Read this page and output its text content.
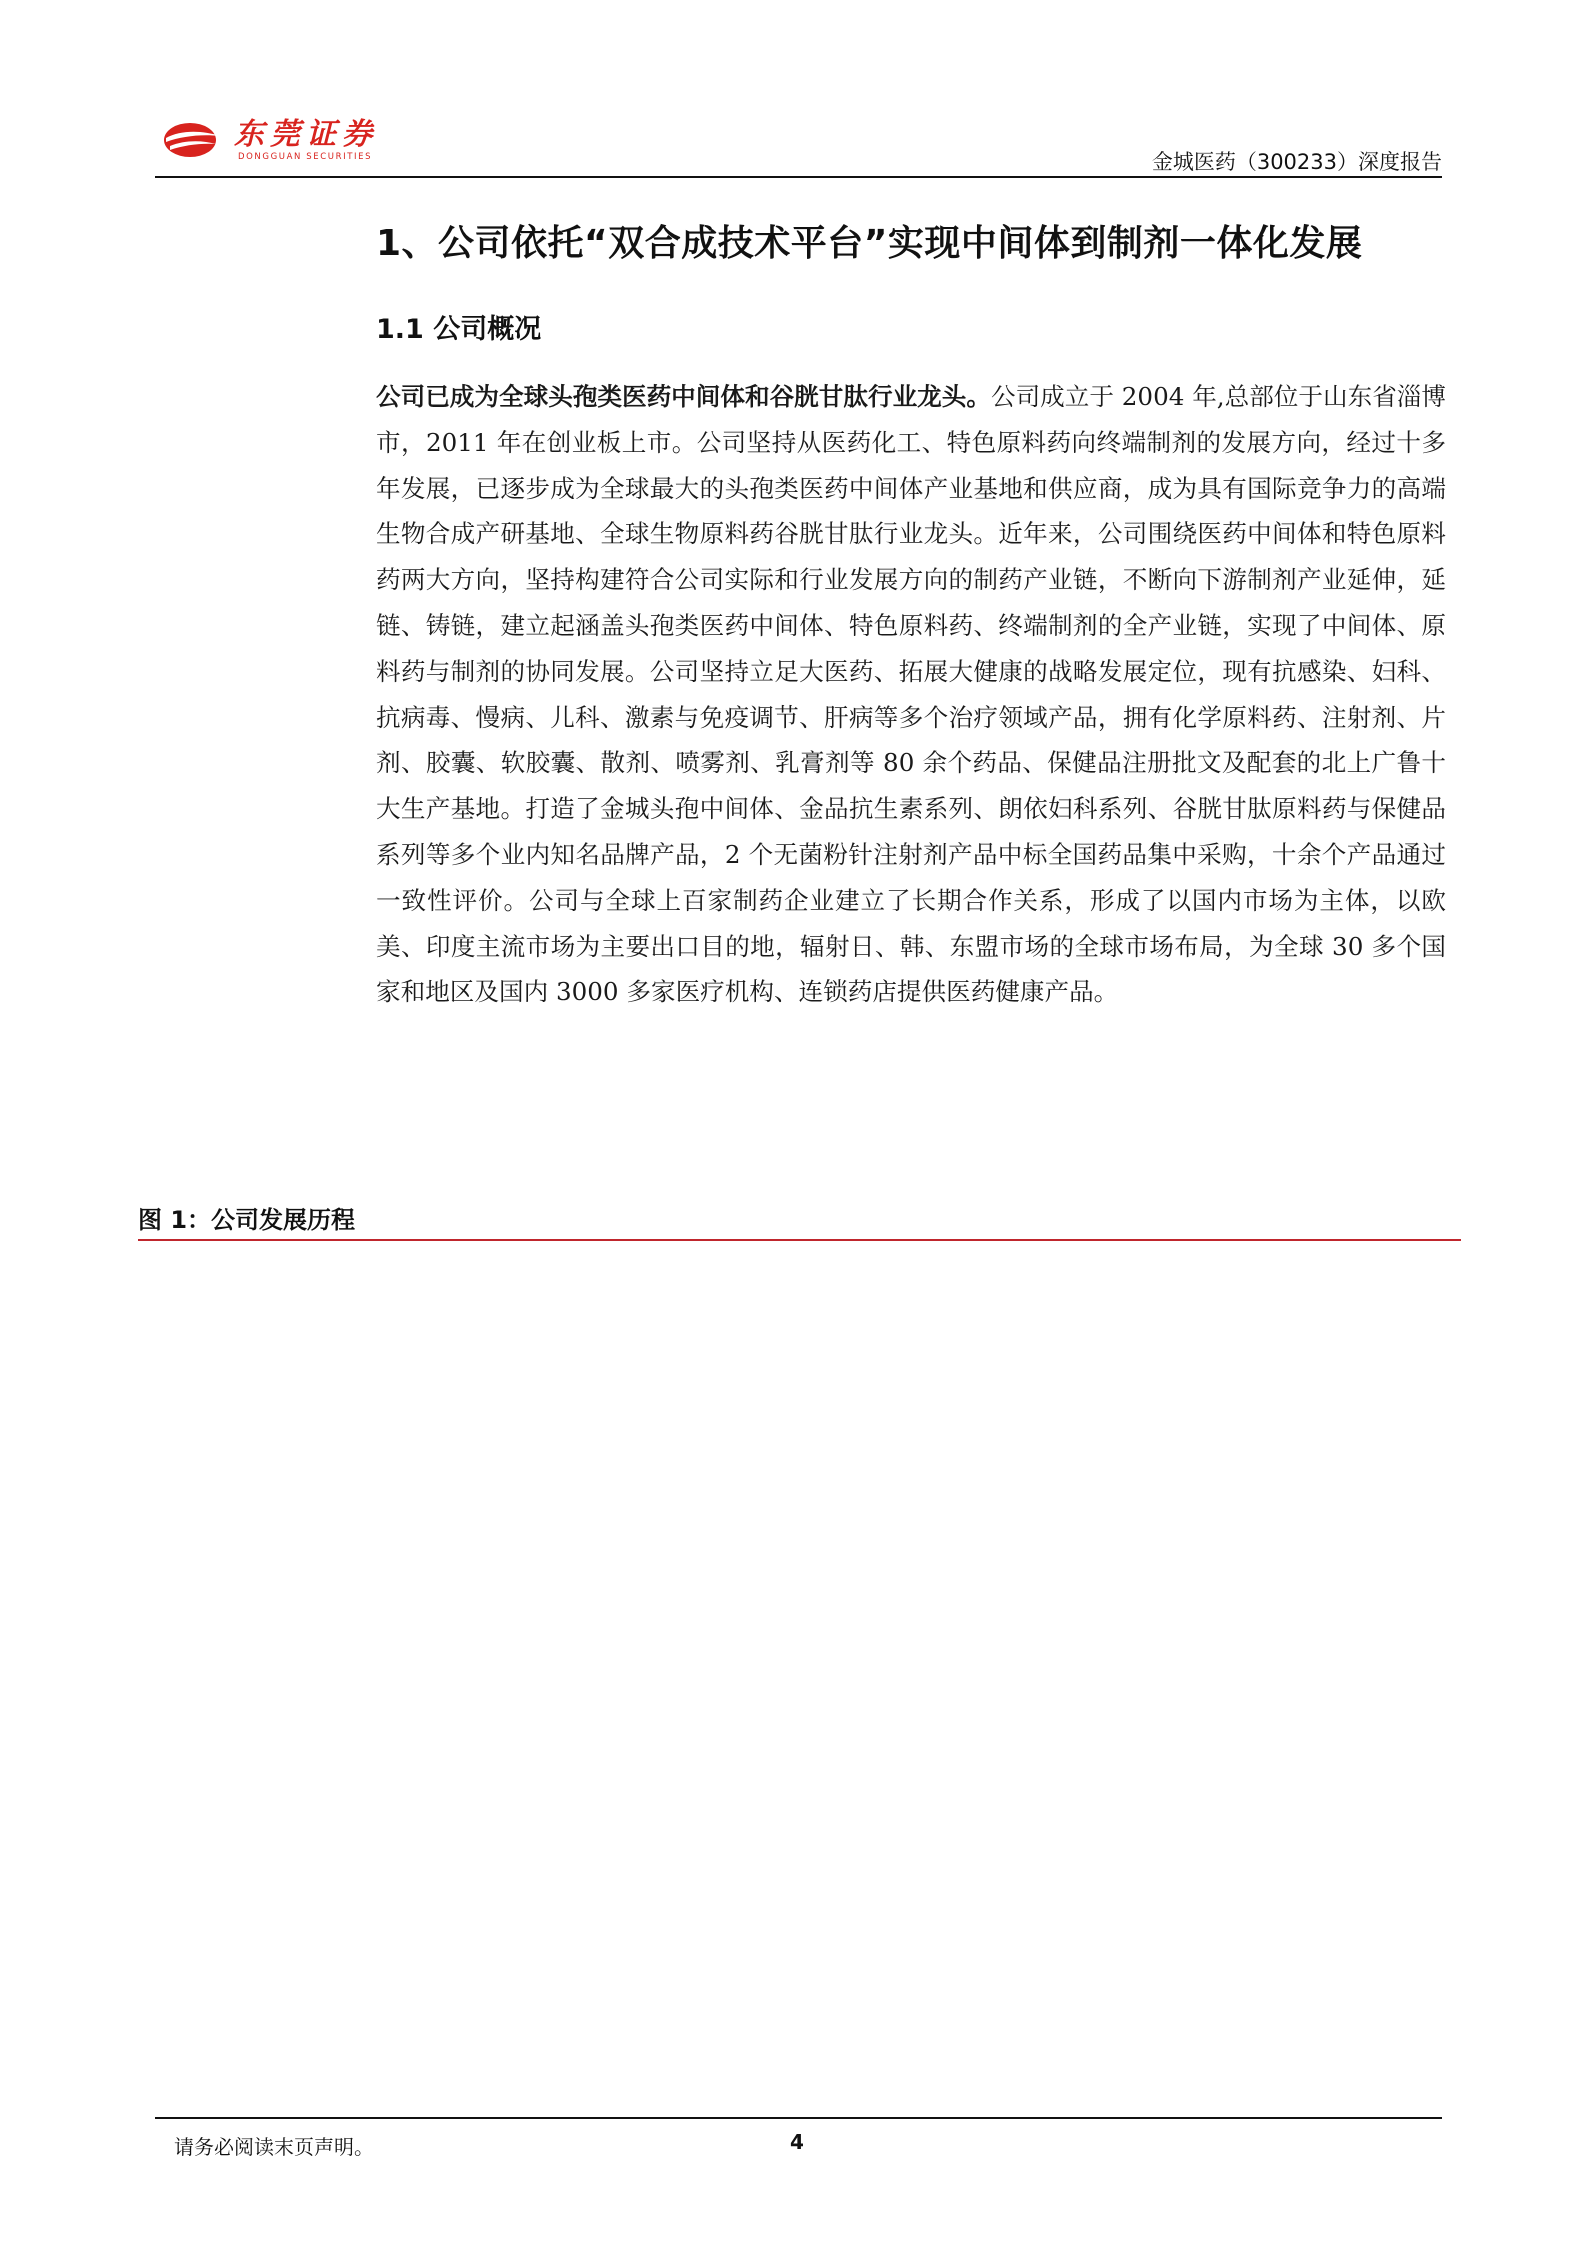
东莞证券
DONGGUAN SECURITIES	金城医药（300233）深度报告
1、公司依托“双合成技术平台”实现中间体到制剂一体化发展
1.1 公司概况
公司已成为全球头孢类医药中间体和谷胱甘肽行业龙头。公司成立于 2004 年,总部位于山东省淄博市，2011 年在创业板上市。公司坚持从医药化工、特色原料药向终端制剂的发展方向，经过十多年发展，已逐步成为全球最大的头孢类医药中间体产业基地和供应商，成为具有国际竞争力的高端生物合成产研基地、全球生物原料药谷胱甘肽行业龙头。近年来，公司围绕医药中间体和特色原料药两大方向，坚持构建符合公司实际和行业发展方向的制药产业链，不断向下游制剂产业延伸，延链、铸链，建立起涵盖头孢类医药中间体、特色原料药、终端制剂的全产业链，实现了中间体、原料药与制剂的协同发展。公司坚持立足大医药、拓展大健康的战略发展定位，现有抗感染、妇科、抗病毒、慢病、儿科、激素与免疫调节、肝病等多个治疗领域产品，拥有化学原料药、注射剂、片剂、胶囊、软胶囊、散剂、喷雾剂、乳膏剂等 80 余个药品、保健品注册批文及配套的北上广鲁十大生产基地。打造了金城头孢中间体、金品抗生素系列、朗依妇科系列、谷胱甘肽原料药与保健品系列等多个业内知名品牌产品，2 个无菌粉针注射剂产品中标全国药品集中采购，十余个产品通过一致性评价。公司与全球上百家制药企业建立了长期合作关系，形成了以国内市场为主体，以欧美、印度主流市场为主要出口目的地，辐射日、韩、东盟市场的全球市场布局，为全球 30 多个国家和地区及国内 3000 多家医疗机构、连锁药店提供医药健康产品。
图 1：公司发展历程
请务必阅读末页声明。	4
